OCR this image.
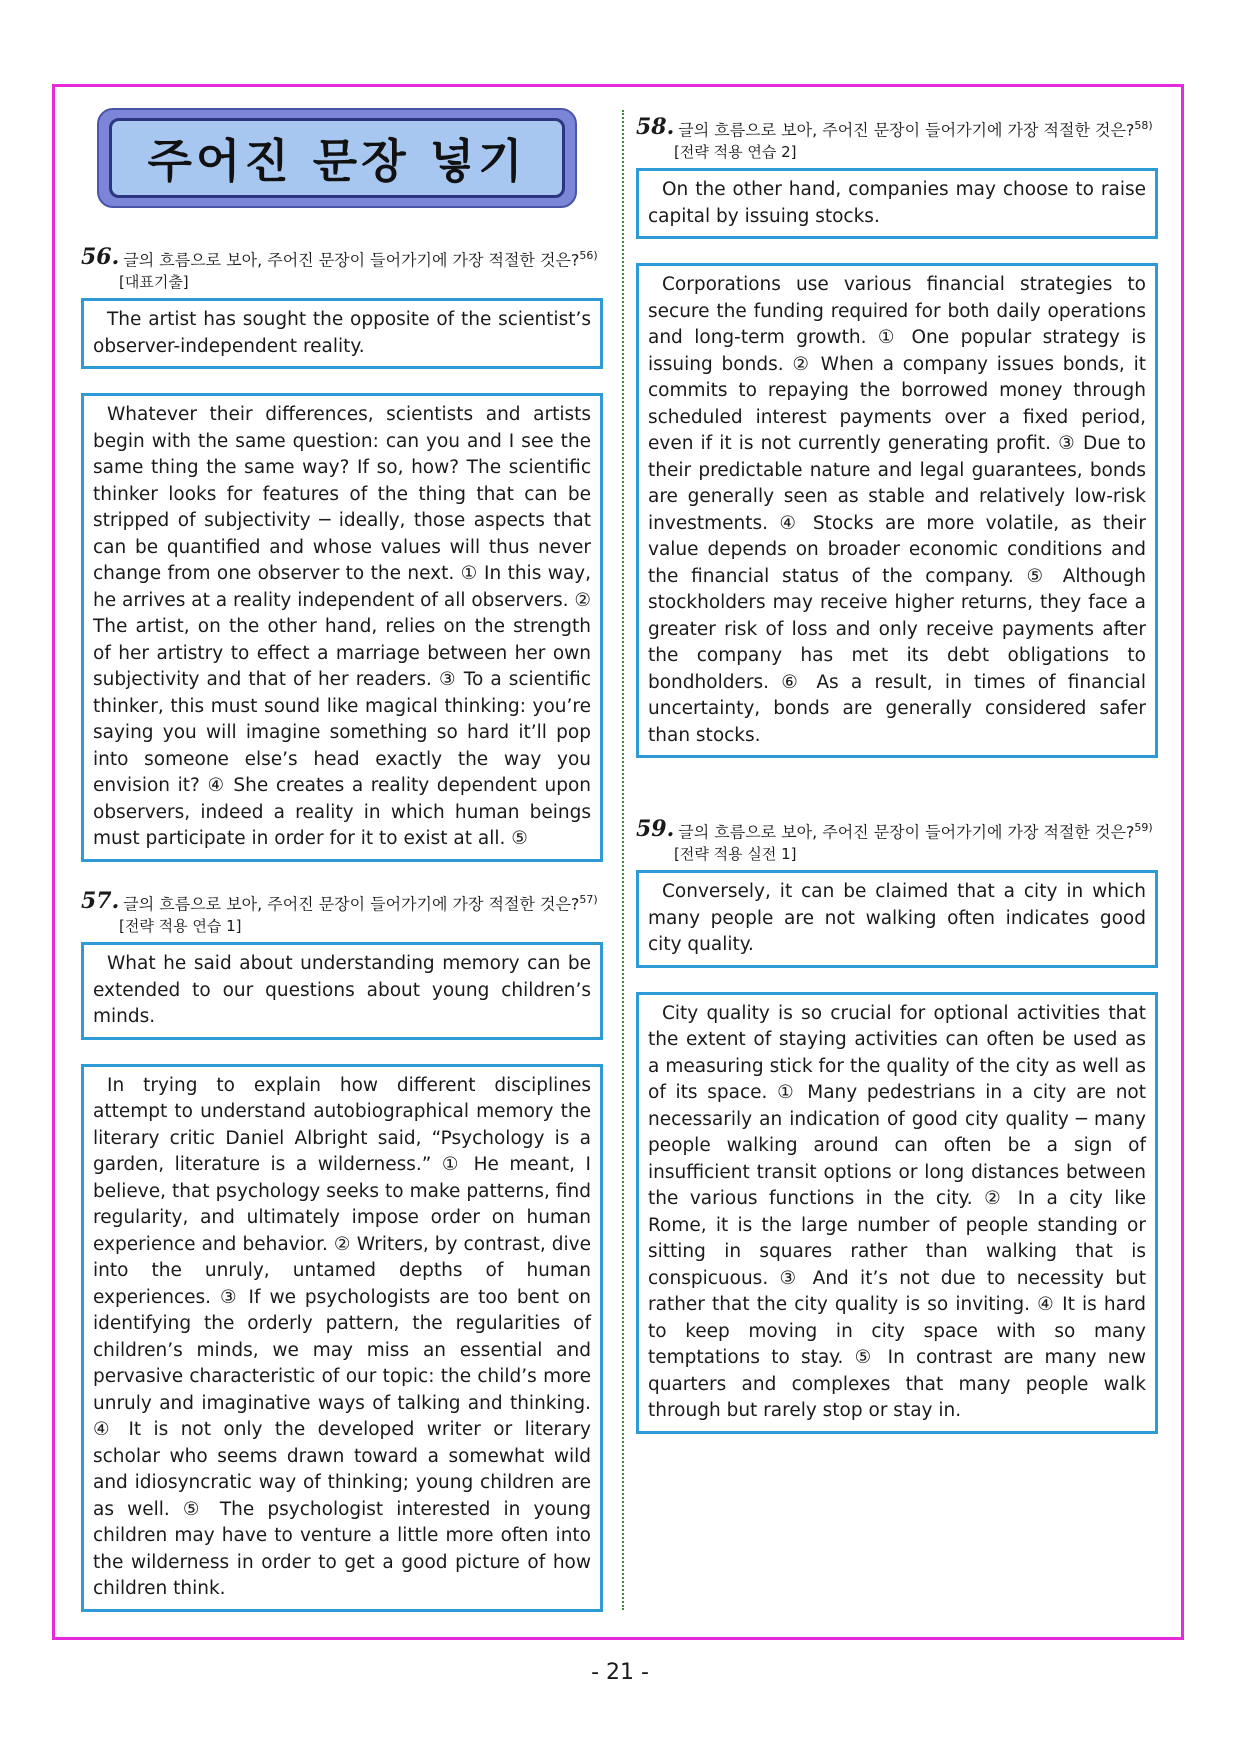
주어진 문장 넣기
56. 글의 흐름으로 보아, 주어진 문장이 들어가기에 가장 적절한 것은?$^{56)}$
[대표기출]

The artist has sought the opposite of the scientist’s observer-independent reality.

Whatever their differences, scientists and artists begin with the same question: can you and I see the same thing the same way? If so, how? The scientific thinker looks for features of the thing that can be stripped of subjectivity ─ ideally, those aspects that can be quantified and whose values will thus never change from one observer to the next. ① In this way, he arrives at a reality independent of all observers. ② The artist, on the other hand, relies on the strength of her artistry to effect a marriage between her own subjectivity and that of her readers. ③ To a scientific thinker, this must sound like magical thinking: you’re saying you will imagine something so hard it’ll pop into someone else’s head exactly the way you envision it? ④ She creates a reality dependent upon observers, indeed a reality in which human beings must participate in order for it to exist at all. ⑤

57. 글의 흐름으로 보아, 주어진 문장이 들어가기에 가장 적절한 것은?$^{57)}$
[전략 적용 연습 1]

What he said about understanding memory can be extended to our questions about young children’s minds.

In trying to explain how different disciplines attempt to understand autobiographical memory the literary critic Daniel Albright said, “Psychology is a garden, literature is a wilderness.” ① He meant, I believe, that psychology seeks to make patterns, find regularity, and ultimately impose order on human experience and behavior. ② Writers, by contrast, dive into the unruly, untamed depths of human experiences. ③ If we psychologists are too bent on identifying the orderly pattern, the regularities of children’s minds, we may miss an essential and pervasive characteristic of our topic: the child’s more unruly and imaginative ways of talking and thinking. ④ It is not only the developed writer or literary scholar who seems drawn toward a somewhat wild and idiosyncratic way of thinking; young children are as well. ⑤ The psychologist interested in young children may have to venture a little more often into the wilderness in order to get a good picture of how children think.

58. 글의 흐름으로 보아, 주어진 문장이 들어가기에 가장 적절한 것은?$^{58)}$
[전략 적용 연습 2]

On the other hand, companies may choose to raise capital by issuing stocks.

Corporations use various financial strategies to secure the funding required for both daily operations and long-term growth. ① One popular strategy is issuing bonds. ② When a company issues bonds, it commits to repaying the borrowed money through scheduled interest payments over a fixed period, even if it is not currently generating profit. ③ Due to their predictable nature and legal guarantees, bonds are generally seen as stable and relatively low-risk investments. ④ Stocks are more volatile, as their value depends on broader economic conditions and the financial status of the company. ⑤ Although stockholders may receive higher returns, they face a greater risk of loss and only receive payments after the company has met its debt obligations to bondholders. ⑥ As a result, in times of financial uncertainty, bonds are generally considered safer than stocks.

59. 글의 흐름으로 보아, 주어진 문장이 들어가기에 가장 적절한 것은?$^{59)}$
[전략 적용 실전 1]

Conversely, it can be claimed that a city in which many people are not walking often indicates good city quality.

City quality is so crucial for optional activities that the extent of staying activities can often be used as a measuring stick for the quality of the city as well as of its space. ① Many pedestrians in a city are not necessarily an indication of good city quality ─ many people walking around can often be a sign of insufficient transit options or long distances between the various functions in the city. ② In a city like Rome, it is the large number of people standing or sitting in squares rather than walking that is conspicuous. ③ And it’s not due to necessity but rather that the city quality is so inviting. ④ It is hard to keep moving in city space with so many temptations to stay. ⑤ In contrast are many new quarters and complexes that many people walk through but rarely stop or stay in.

- 21 -
